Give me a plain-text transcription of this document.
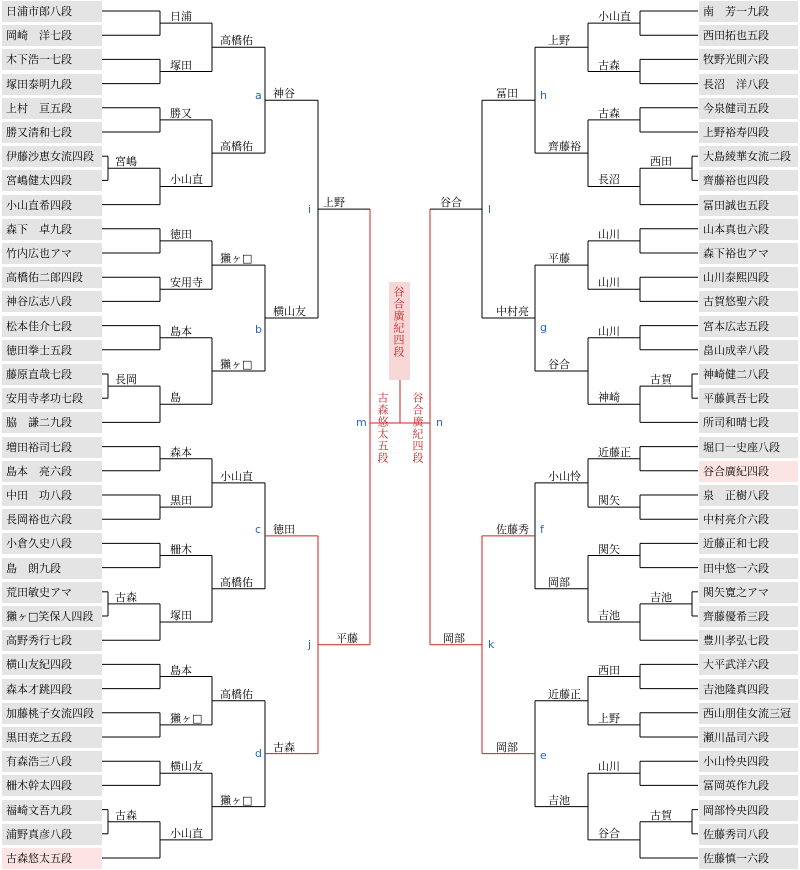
谷合廣紀四段
古森悠太五段 谷合廣紀四段
日浦市郎八段
岡崎　洋七段
木下浩一七段
塚田泰明九段
上村　亘五段
勝又清和七段
伊藤沙恵女流四段
宮嶋健太四段
小山直希四段
森下　卓九段
竹内広也アマ
高橋佑二郎四段
神谷広志八段
松本佳介七段
徳田拳士五段
藤原直哉七段
安用寺孝功七段
脇　謙二九段
増田裕司七段
島本　亮六段
中田　功八段
長岡裕也六段
小倉久史八段
島　朗九段
荒田敏史アマ
獺ヶ□笑保人四段
高野秀行七段
横山友紀四段
森本才跳四段
加藤桃子女流四段
黒田尭之五段
有森浩三八段
柵木幹太四段
福崎文吾九段
浦野真彦八段
古森悠太五段
南　芳一九段
西田拓也五段
牧野光則六段
長沼　洋八段
今泉健司五段
上野裕寿四段
大島綾華女流二段
齊藤裕也四段
冨田誠也五段
山本真也六段
森下裕也アマ
山川泰熙四段
古賀悠聖六段
宮本広志五段
畠山成幸八段
神崎健二八段
平藤眞吾七段
所司和晴七段
堀口一史座八段
谷合廣紀四段
泉　正樹八段
中村亮介六段
近藤正和七段
田中悠一六段
関矢寛之アマ
齊藤優希三段
豊川孝弘七段
大平武洋六段
吉池隆真四段
西山朋佳女流三冠
瀬川晶司六段
小山怜央四段
冨岡英作九段
岡部怜央四段
佐藤秀司八段
佐藤慎一六段
日浦
塚田
勝又
宮嶋
小山直
高橋佑
高橋佑
神谷
徳田
安用寺
島本
長岡
島
獺ヶ□
獺ヶ□
横山友
森本
黒田
柵木
古森
塚田
小山直
高橋佑
徳田
島本
獺ヶ□
横山友
古森
小山直
高橋佑
獺ヶ□
古森
小山直
古森
古森
西田
長沼
上野
齊藤裕
冨田
山川
山川
山川
古賀
神崎
平藤
谷合
中村亮
近藤正
関矢
関矢
吉池
吉池
小山怜
岡部
佐藤秀
西田
上野
山川
古賀
谷合
近藤正
吉池
岡部
上野
平藤
谷合
岡部
a
b
c
d
i
j
m
h
g
f
e
l
k
n
